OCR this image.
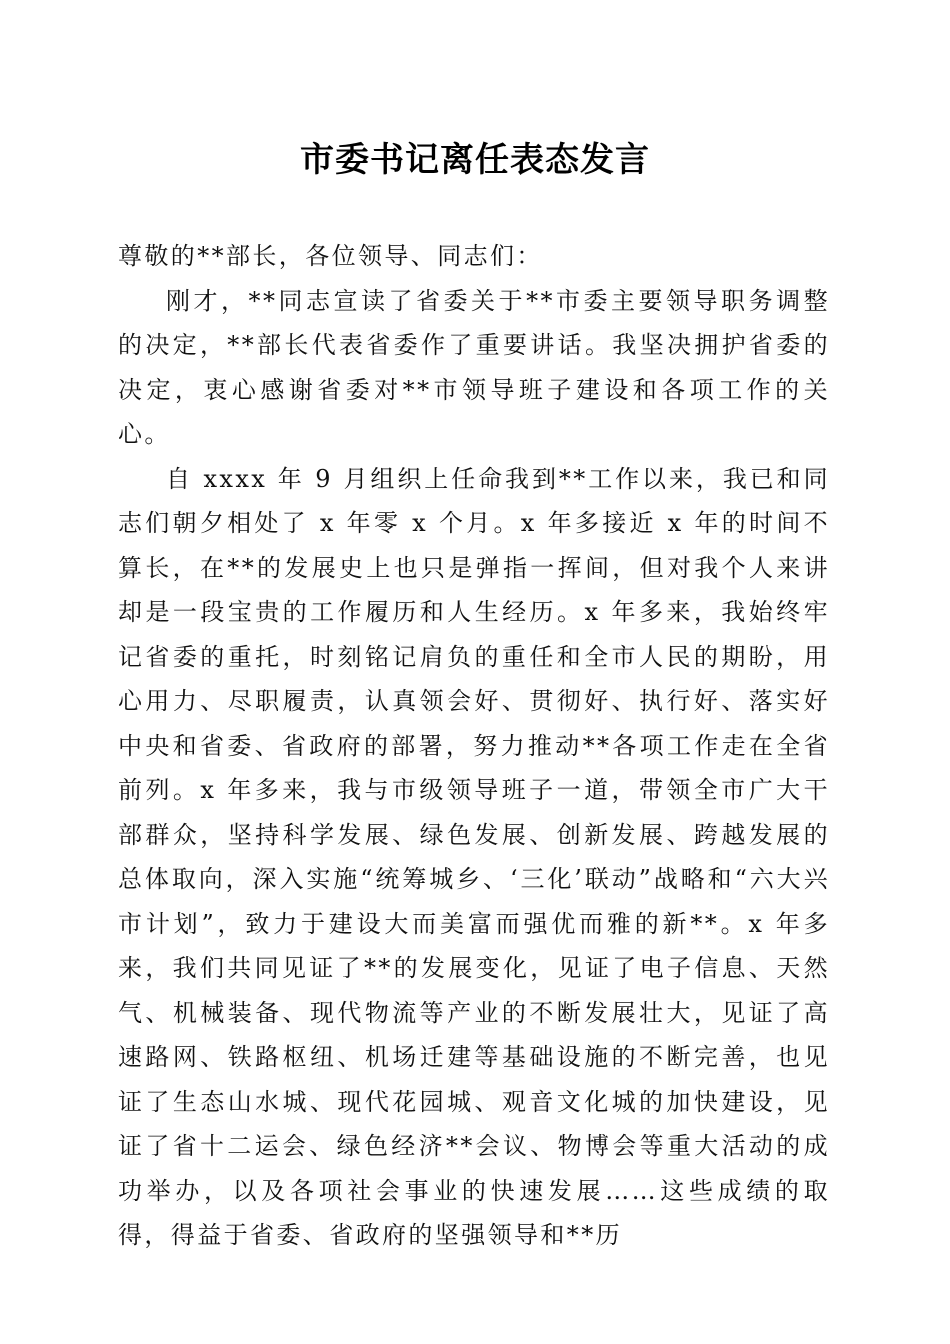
市委书记离任表态发言

尊敬的**部长，各位领导、同志们：

刚才，**同志宣读了省委关于**市委主要领导职务调整的决定，**部长代表省委作了重要讲话。我坚决拥护省委的决定，衷心感谢省委对**市领导班子建设和各项工作的关心。

自 xxxx 年 9 月组织上任命我到**工作以来，我已和同志们朝夕相处了 x 年零 x 个月。x 年多接近 x 年的时间不算长，在**的发展史上也只是弹指一挥间，但对我个人来讲却是一段宝贵的工作履历和人生经历。x 年多来，我始终牢记省委的重托，时刻铭记肩负的重任和全市人民的期盼，用心用力、尽职履责，认真领会好、贯彻好、执行好、落实好中央和省委、省政府的部署，努力推动**各项工作走在全省前列。x 年多来，我与市级领导班子一道，带领全市广大干部群众，坚持科学发展、绿色发展、创新发展、跨越发展的总体取向，深入实施“统筹城乡、‘三化’联动”战略和“六大兴市计划”，致力于建设大而美富而强优而雅的新**。x 年多来，我们共同见证了**的发展变化，见证了电子信息、天然气、机械装备、现代物流等产业的不断发展壮大，见证了高速路网、铁路枢纽、机场迁建等基础设施的不断完善，也见证了生态山水城、现代花园城、观音文化城的加快建设，见证了省十二运会、绿色经济**会议、物博会等重大活动的成功举办，以及各项社会事业的快速发展……这些成绩的取得，得益于省委、省政府的坚强领导和**历
